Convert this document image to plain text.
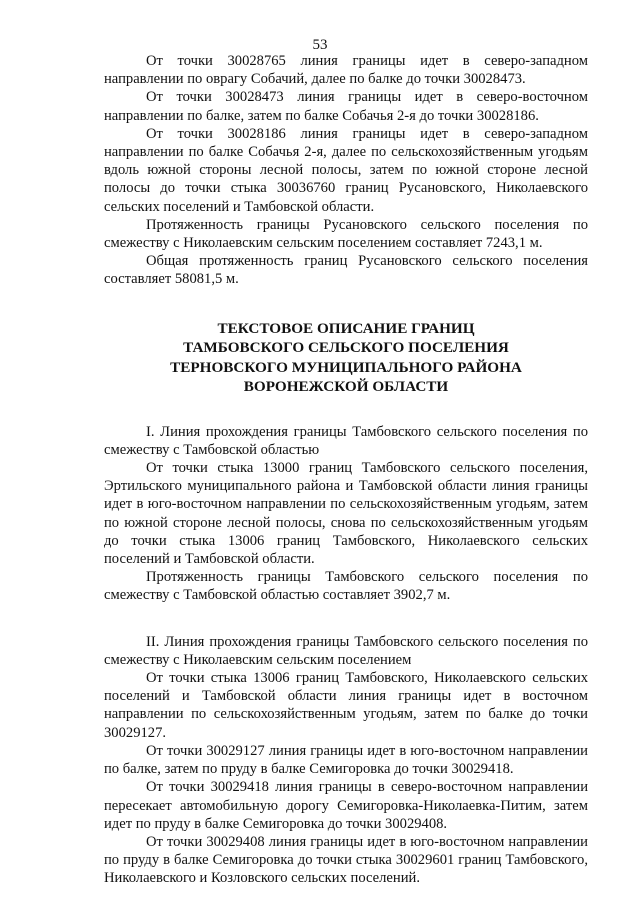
53

От точки 30028765 линия границы идет в северо-западном направлении по оврагу Собачий, далее по балке до точки 30028473.

От точки 30028473 линия границы идет в северо-восточном направлении по балке, затем по балке Собачья 2-я до точки 30028186.

От точки 30028186 линия границы идет в северо-западном направлении по балке Собачья 2-я, далее по сельскохозяйственным угодьям вдоль южной стороны лесной полосы, затем по южной стороне лесной полосы до точки стыка 30036760 границ Русановского, Николаевского сельских поселений и Тамбовской области.

Протяженность границы Русановского сельского поселения по смежеству с Николаевским сельским поселением составляет 7243,1 м.

Общая протяженность границ Русановского сельского поселения составляет 58081,5 м.

ТЕКСТОВОЕ ОПИСАНИЕ ГРАНИЦ
ТАМБОВСКОГО СЕЛЬСКОГО ПОСЕЛЕНИЯ
ТЕРНОВСКОГО МУНИЦИПАЛЬНОГО РАЙОНА
ВОРОНЕЖСКОЙ ОБЛАСТИ

I. Линия прохождения границы Тамбовского сельского поселения по смежеству с Тамбовской областью

От точки стыка 13000 границ Тамбовского сельского поселения, Эртильского муниципального района и Тамбовской области линия границы идет в юго-восточном направлении по сельскохозяйственным угодьям, затем по южной стороне лесной полосы, снова по сельскохозяйственным угодьям до точки стыка 13006 границ Тамбовского, Николаевского сельских поселений и Тамбовской области.

Протяженность границы Тамбовского сельского поселения по смежеству с Тамбовской областью составляет 3902,7 м.

II. Линия прохождения границы Тамбовского сельского поселения по смежеству с Николаевским сельским поселением

От точки стыка 13006 границ Тамбовского, Николаевского сельских поселений и Тамбовской области линия границы идет в восточном направлении по сельскохозяйственным угодьям, затем по балке до точки 30029127.

От точки 30029127 линия границы идет в юго-восточном направлении по балке, затем по пруду в балке Семигоровка до точки 30029418.

От точки 30029418 линия границы в северо-восточном направлении пересекает автомобильную дорогу Семигоровка-Николаевка-Питим, затем идет по пруду в балке Семигоровка до точки 30029408.

От точки 30029408 линия границы идет в юго-восточном направлении по пруду в балке Семигоровка до точки стыка 30029601 границ Тамбовского, Николаевского и Козловского сельских поселений.
